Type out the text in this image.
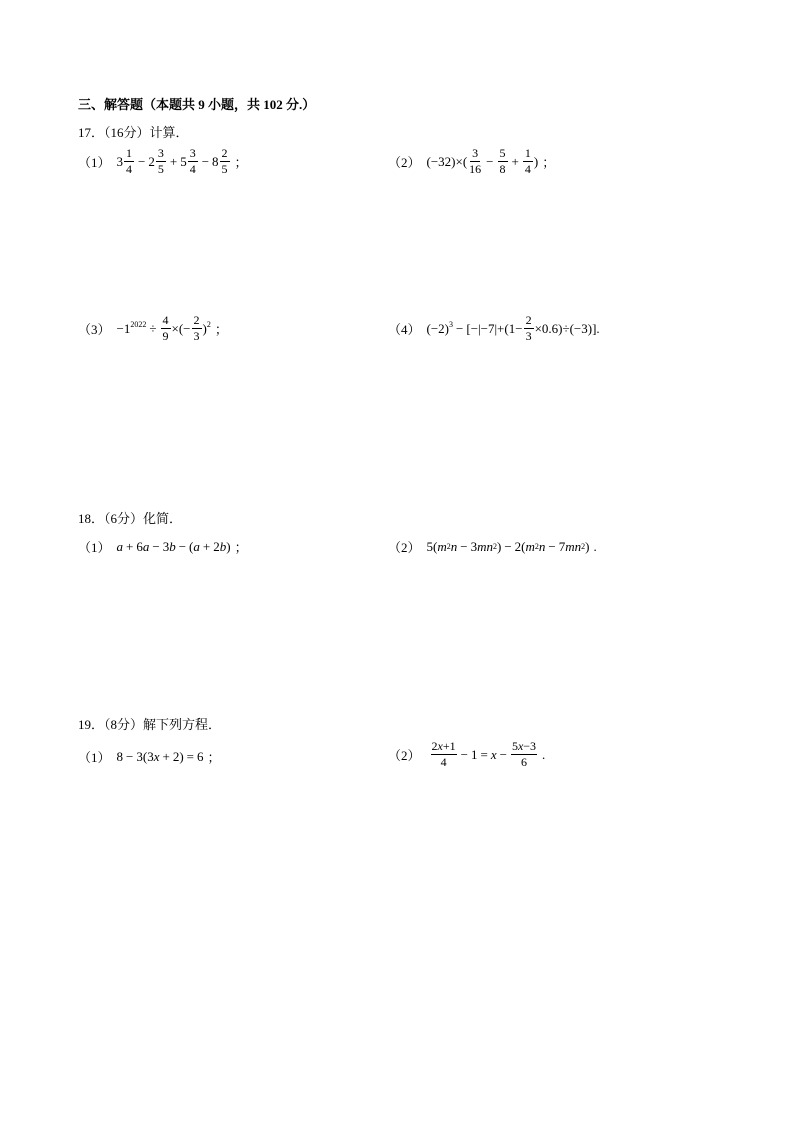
三、解答题（本题共 9 小题，共 102 分.）
17．（16分）计算．
（1） $3 \frac{1}{4} - 2 \frac{3}{5} + 5 \frac{3}{4} - 8 \frac{2}{5}$ ；	（2） $(-32)\times( \frac{3}{16} - \frac{5}{8} + \frac{1}{4}$ ) ；
$(3) -1^{2022} \div \frac{4}{9}$ ×(− $\frac{2}{3} )^2$ ；	（4） $(-2)^3 - [-|-7|+(1- \frac{2}{3} \times 0.6)\div(-3)]$.
18．（6分）化简．
（1） a + 6 a − 3 b − ( a + 2 b ) ；	（2） 5( m 2 n − 3 mn 2 ) − 2( m 2 n − 7 mn 2 ) .
19．（8分）解下列方程．
（1） 8 − 3(3 x + 2) = 6 ；	$(2) \frac{2x+1}{4} - 1 = x - \frac{5x-3}{6}$ .
